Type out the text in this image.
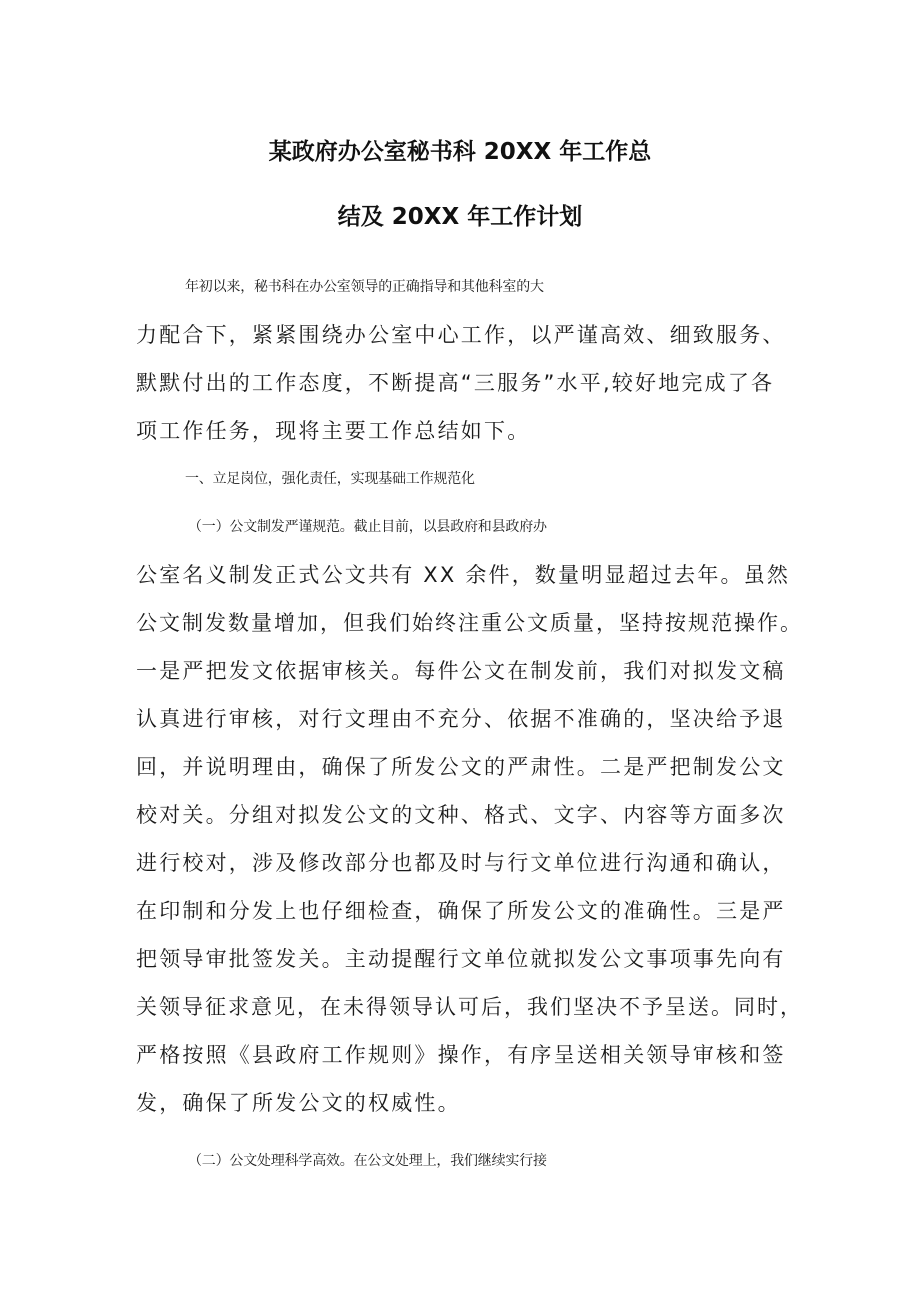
某政府办公室秘书科 20XX 年工作总
结及 20XX 年工作计划
年初以来，秘书科在办公室领导的正确指导和其他科室的大
力配合下，紧紧围绕办公室中心工作，以严谨高效、细致服务、
默默付出的工作态度，不断提高“三服务”水平,较好地完成了各
项工作任务，现将主要工作总结如下。
一、立足岗位，强化责任，实现基础工作规范化
（一）公文制发严谨规范。截止目前，以县政府和县政府办
公室名义制发正式公文共有 XX 余件，数量明显超过去年。虽然
公文制发数量增加，但我们始终注重公文质量，坚持按规范操作。
一是严把发文依据审核关。每件公文在制发前，我们对拟发文稿
认真进行审核，对行文理由不充分、依据不准确的，坚决给予退
回，并说明理由，确保了所发公文的严肃性。二是严把制发公文
校对关。分组对拟发公文的文种、格式、文字、内容等方面多次
进行校对，涉及修改部分也都及时与行文单位进行沟通和确认，
在印制和分发上也仔细检查，确保了所发公文的准确性。三是严
把领导审批签发关。主动提醒行文单位就拟发公文事项事先向有
关领导征求意见，在未得领导认可后，我们坚决不予呈送。同时，
严格按照《县政府工作规则》操作，有序呈送相关领导审核和签
发，确保了所发公文的权威性。
（二）公文处理科学高效。在公文处理上，我们继续实行接
